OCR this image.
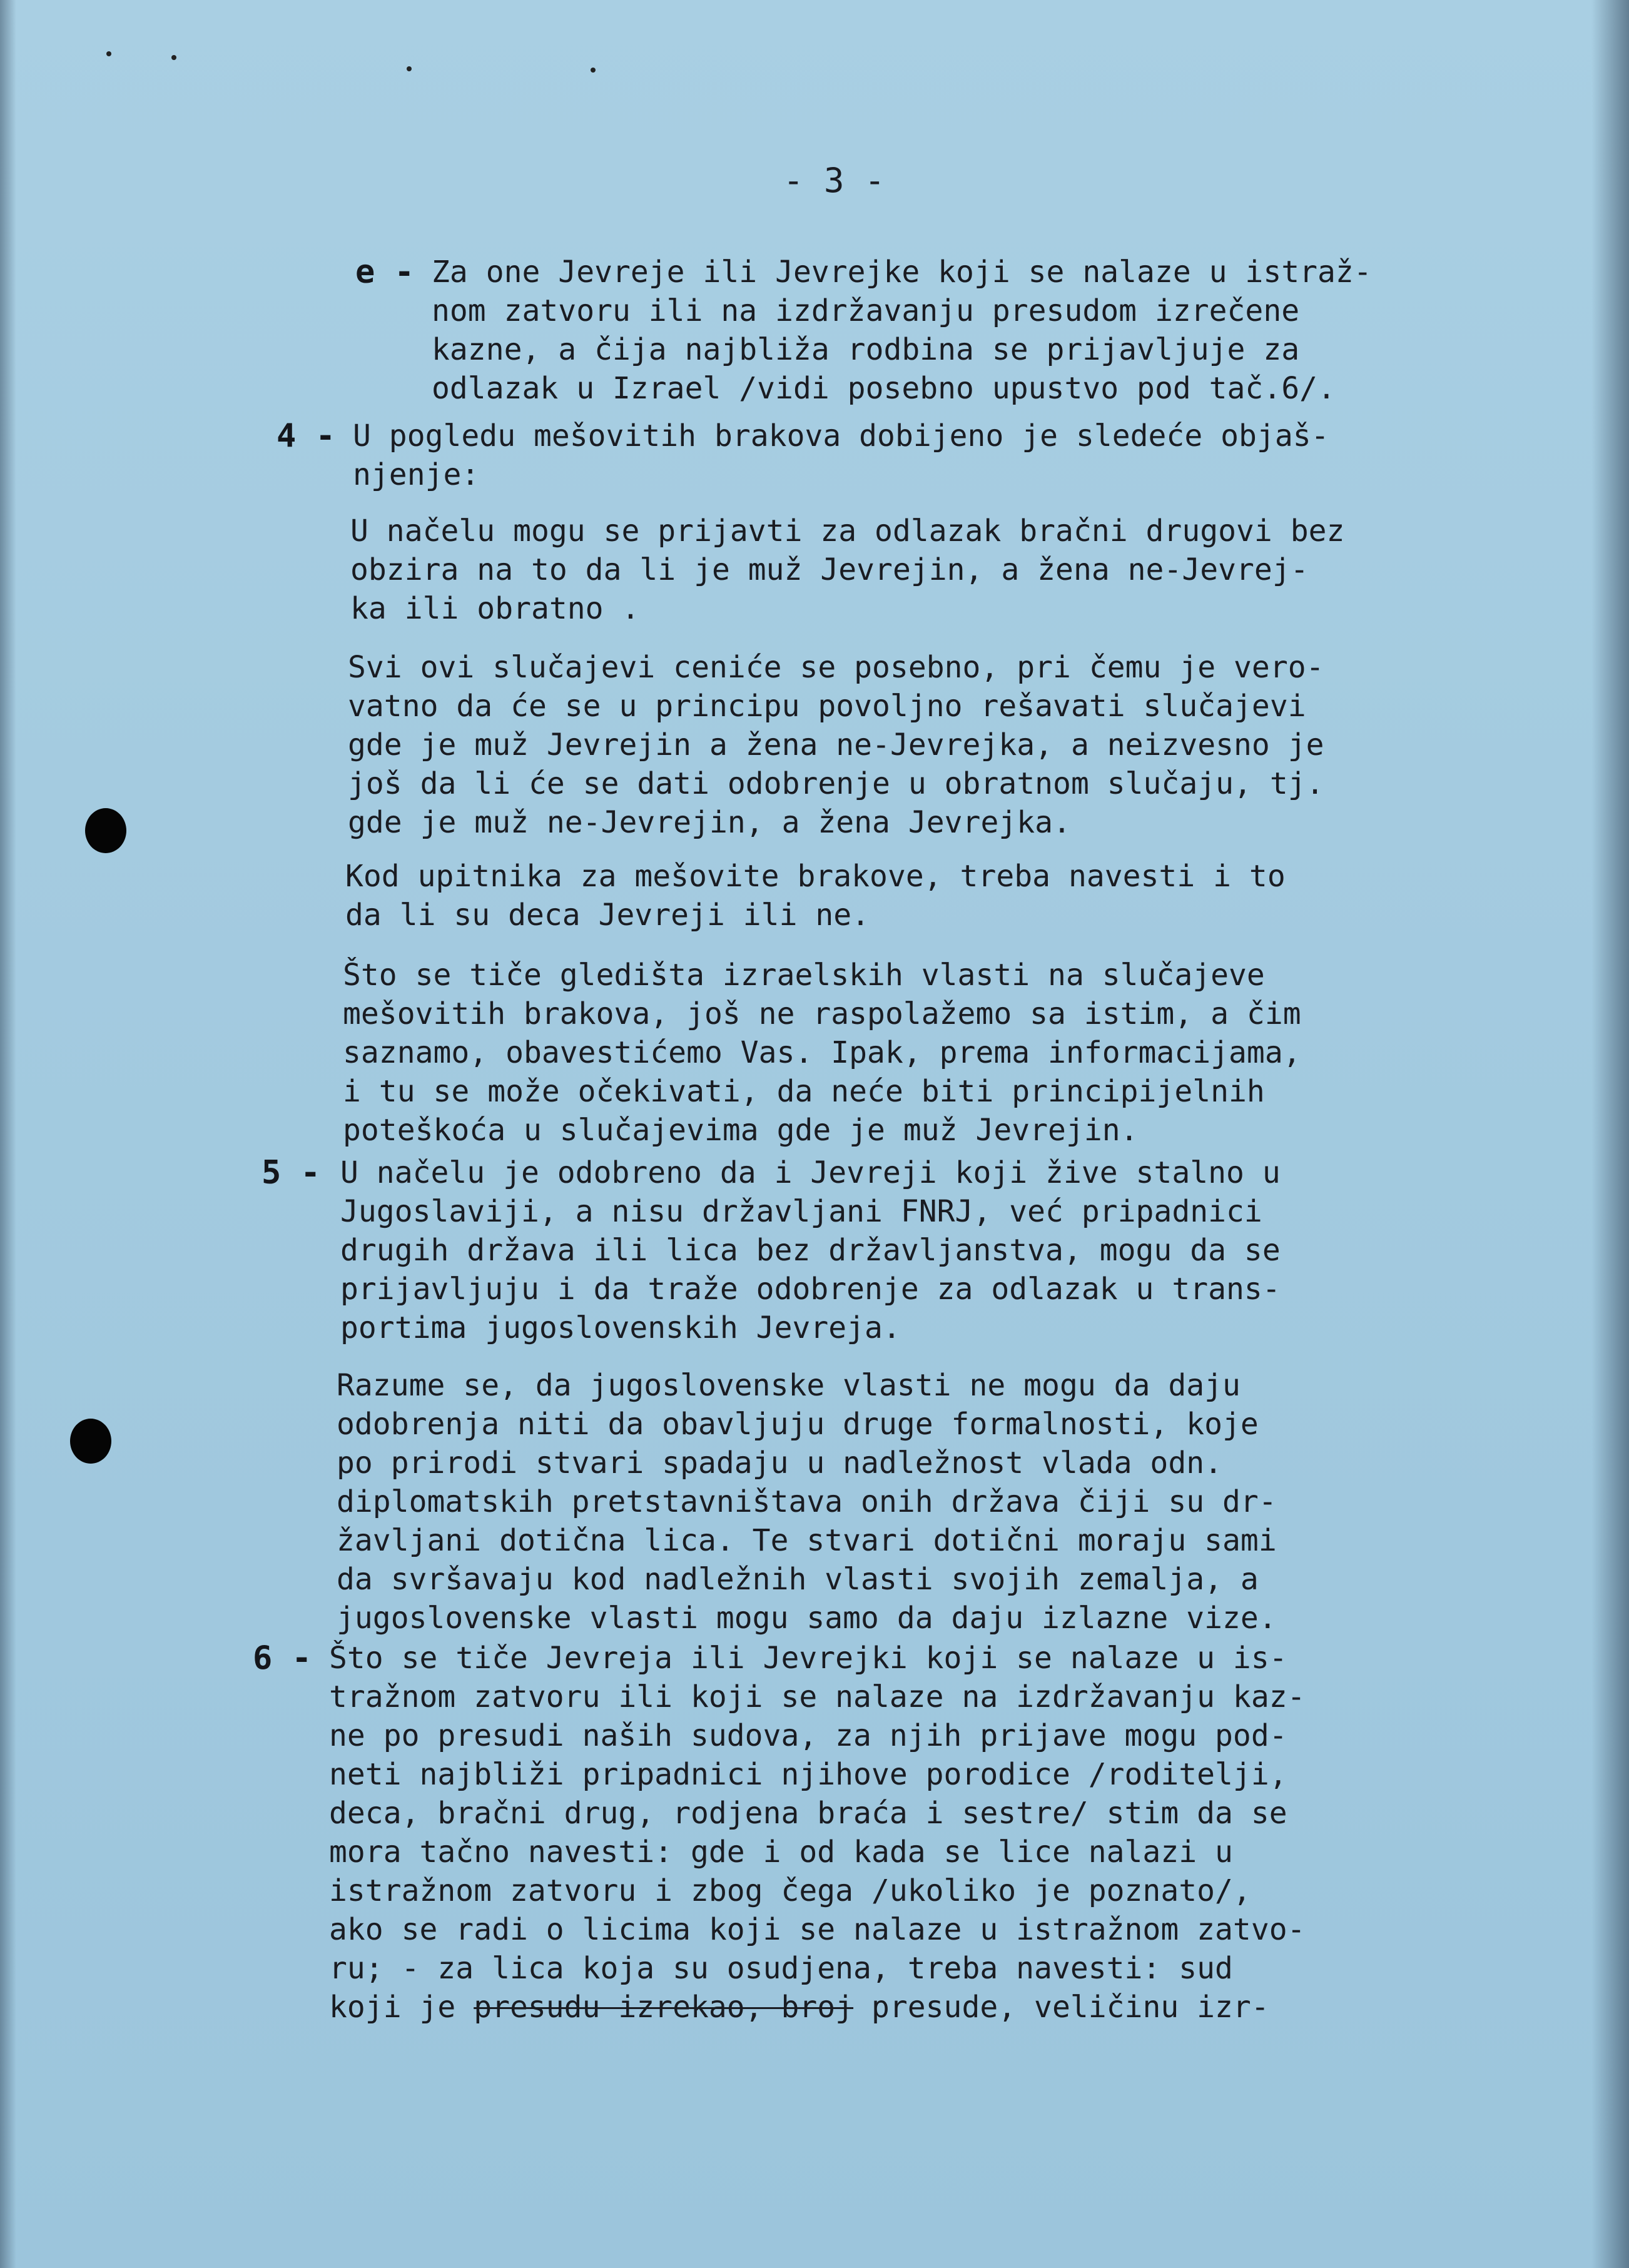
- 3 -

e - Za one Jevreje ili Jevrejke koji se nalaze u istraž-

nom zatvoru ili na izdržavanju presudom izrečene

kazne, a čija najbliža rodbina se prijavljuje za

odlazak u Izrael /vidi posebno upustvo pod tač.6/.

4 - U pogledu mešovitih brakova dobijeno je sledeće objaš-

njenje:

U načelu mogu se prijavti za odlazak bračni drugovi bez

obzira na to da li je muž Jevrejin, a žena ne-Jevrej-

ka ili obratno .

Svi ovi slučajevi ceniće se posebno, pri čemu je vero-

vatno da će se u principu povoljno rešavati slučajevi

gde je muž Jevrejin a žena ne-Jevrejka, a neizvesno je

još da li će se dati odobrenje u obratnom slučaju, tj.

gde je muž ne-Jevrejin, a žena Jevrejka.

Kod upitnika za mešovite brakove, treba navesti i to

da li su deca Jevreji ili ne.

Što se tiče gledišta izraelskih vlasti na slučajeve

mešovitih brakova, još ne raspolažemo sa istim, a čim

saznamo, obavestićemo Vas. Ipak, prema informacijama,

i tu se može očekivati, da neće biti principijelnih

poteškoća u slučajevima gde je muž Jevrejin.

5 - U načelu je odobreno da i Jevreji koji žive stalno u

Jugoslaviji, a nisu državljani FNRJ, već pripadnici

drugih država ili lica bez državljanstva, mogu da se

prijavljuju i da traže odobrenje za odlazak u trans-

portima jugoslovenskih Jevreja.

Razume se, da jugoslovenske vlasti ne mogu da daju

odobrenja niti da obavljuju druge formalnosti, koje

po prirodi stvari spadaju u nadležnost vlada odn.

diplomatskih pretstavništava onih država čiji su dr-

žavljani dotična lica. Te stvari dotični moraju sami

da svršavaju kod nadležnih vlasti svojih zemalja, a

jugoslovenske vlasti mogu samo da daju izlazne vize.

6 - Što se tiče Jevreja ili Jevrejki koji se nalaze u is-

tražnom zatvoru ili koji se nalaze na izdržavanju kaz-

ne po presudi naših sudova, za njih prijave mogu pod-

neti najbliži pripadnici njihove porodice /roditelji,

deca, bračni drug, rodjena braća i sestre/ stim da se

mora tačno navesti: gde i od kada se lice nalazi u

istražnom zatvoru i zbog čega /ukoliko je poznato/,

ako se radi o licima koji se nalaze u istražnom zatvo-

ru; - za lica koja su osudjena, treba navesti: sud

koji je presudu izrekao, broj presude, veličinu izr-
